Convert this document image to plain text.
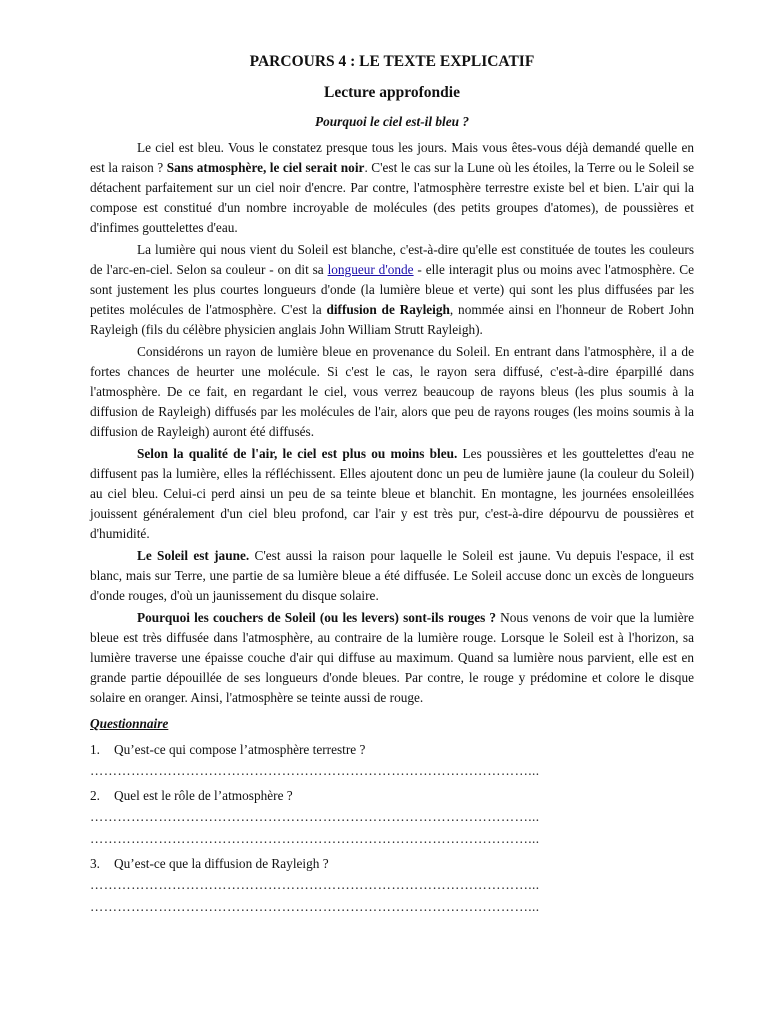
PARCOURS 4 : LE TEXTE EXPLICATIF
Lecture approfondie
Pourquoi le ciel est-il bleu ?

Le ciel est bleu. Vous le constatez presque tous les jours. Mais vous êtes-vous déjà demandé quelle en est la raison ? Sans atmosphère, le ciel serait noir. C'est le cas sur la Lune où les étoiles, la Terre ou le Soleil se détachent parfaitement sur un ciel noir d'encre. Par contre, l'atmosphère terrestre existe bel et bien. L'air qui la compose est constitué d'un nombre incroyable de molécules (des petits groupes d'atomes), de poussières et d'infimes gouttelettes d'eau.

La lumière qui nous vient du Soleil est blanche, c'est-à-dire qu'elle est constituée de toutes les couleurs de l'arc-en-ciel. Selon sa couleur - on dit sa longueur d'onde - elle interagit plus ou moins avec l'atmosphère. Ce sont justement les plus courtes longueurs d'onde (la lumière bleue et verte) qui sont les plus diffusées par les petites molécules de l'atmosphère. C'est la diffusion de Rayleigh, nommée ainsi en l'honneur de Robert John Rayleigh (fils du célèbre physicien anglais John William Strutt Rayleigh).

Considérons un rayon de lumière bleue en provenance du Soleil. En entrant dans l'atmosphère, il a de fortes chances de heurter une molécule. Si c'est le cas, le rayon sera diffusé, c'est-à-dire éparpillé dans l'atmosphère. De ce fait, en regardant le ciel, vous verrez beaucoup de rayons bleus (les plus soumis à la diffusion de Rayleigh) diffusés par les molécules de l'air, alors que peu de rayons rouges (les moins soumis à la diffusion de Rayleigh) auront été diffusés.

Selon la qualité de l'air, le ciel est plus ou moins bleu. Les poussières et les gouttelettes d'eau ne diffusent pas la lumière, elles la réfléchissent. Elles ajoutent donc un peu de lumière jaune (la couleur du Soleil) au ciel bleu. Celui-ci perd ainsi un peu de sa teinte bleue et blanchit. En montagne, les journées ensoleillées jouissent généralement d'un ciel bleu profond, car l'air y est très pur, c'est-à-dire dépourvu de poussières et d'humidité.

Le Soleil est jaune. C'est aussi la raison pour laquelle le Soleil est jaune. Vu depuis l'espace, il est blanc, mais sur Terre, une partie de sa lumière bleue a été diffusée. Le Soleil accuse donc un excès de longueurs d'onde rouges, d'où un jaunissement du disque solaire.

Pourquoi les couchers de Soleil (ou les levers) sont-ils rouges ? Nous venons de voir que la lumière bleue est très diffusée dans l'atmosphère, au contraire de la lumière rouge. Lorsque le Soleil est à l'horizon, sa lumière traverse une épaisse couche d'air qui diffuse au maximum. Quand sa lumière nous parvient, elle est en grande partie dépouillée de ses longueurs d'onde bleues. Par contre, le rouge y prédomine et colore le disque solaire en oranger. Ainsi, l'atmosphère se teinte aussi de rouge.

Questionnaire
1. Qu’est-ce qui compose l’atmosphère terrestre ?
……………………………………………………………………………………...
2. Quel est le rôle de l’atmosphère ?
……………………………………………………………………………………...
……………………………………………………………………………………...
3. Qu’est-ce que la diffusion de Rayleigh ?
……………………………………………………………………………………...
……………………………………………………………………………………...
